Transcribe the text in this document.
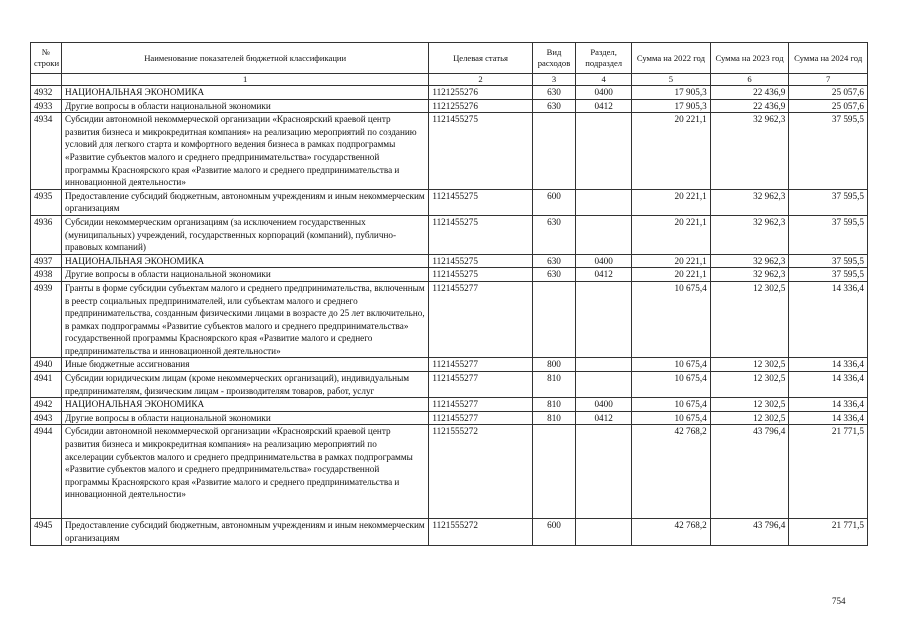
№ строки	Наименование показателей бюджетной классификации	Целевая статья	Вид расходов	Раздел, подраздел	Сумма на 2022 год	Сумма на 2023 год	Сумма на 2024 год
	1	2	3	4	5	6	7
4932	НАЦИОНАЛЬНАЯ ЭКОНОМИКА	1121255276	630	0400	17 905,3	22 436,9	25 057,6
4933	Другие вопросы в области национальной экономики	1121255276	630	0412	17 905,3	22 436,9	25 057,6
4934	Субсидии автономной некоммерческой организации «Красноярский краевой центр развития бизнеса и микрокредитная компания» на реализацию мероприятий по созданию условий для легкого старта и комфортного ведения бизнеса в рамках подпрограммы «Развитие субъектов малого и среднего предпринимательства» государственной программы Красноярского края «Развитие малого и среднего предпринимательства и инновационной деятельности»	1121455275			20 221,1	32 962,3	37 595,5
4935	Предоставление субсидий бюджетным, автономным учреждениям и иным некоммерческим организациям	1121455275	600		20 221,1	32 962,3	37 595,5
4936	Субсидии некоммерческим организациям (за исключением государственных (муниципальных) учреждений, государственных корпораций (компаний), публично-правовых компаний)	1121455275	630		20 221,1	32 962,3	37 595,5
4937	НАЦИОНАЛЬНАЯ ЭКОНОМИКА	1121455275	630	0400	20 221,1	32 962,3	37 595,5
4938	Другие вопросы в области национальной экономики	1121455275	630	0412	20 221,1	32 962,3	37 595,5
4939	Гранты в форме субсидии субъектам малого и среднего предпринимательства, включенным в реестр социальных предпринимателей, или субъектам малого и среднего предпринимательства, созданным физическими лицами в возрасте до 25 лет включительно, в рамках подпрограммы «Развитие субъектов малого и среднего предпринимательства» государственной программы Красноярского края «Развитие малого и среднего предпринимательства и инновационной деятельности»	1121455277			10 675,4	12 302,5	14 336,4
4940	Иные бюджетные ассигнования	1121455277	800		10 675,4	12 302,5	14 336,4
4941	Субсидии юридическим лицам (кроме некоммерческих организаций), индивидуальным предпринимателям, физическим лицам - производителям товаров, работ, услуг	1121455277	810		10 675,4	12 302,5	14 336,4
4942	НАЦИОНАЛЬНАЯ ЭКОНОМИКА	1121455277	810	0400	10 675,4	12 302,5	14 336,4
4943	Другие вопросы в области национальной экономики	1121455277	810	0412	10 675,4	12 302,5	14 336,4
4944	Субсидии автономной некоммерческой организации «Красноярский краевой центр развития бизнеса и микрокредитная компания» на реализацию мероприятий по акселерации субъектов малого и среднего предпринимательства в рамках подпрограммы «Развитие субъектов малого и среднего предпринимательства» государственной программы Красноярского края «Развитие малого и среднего предпринимательства и инновационной деятельности»	1121555272			42 768,2	43 796,4	21 771,5
4945	Предоставление субсидий бюджетным, автономным учреждениям и иным некоммерческим организациям	1121555272	600		42 768,2	43 796,4	21 771,5
754
